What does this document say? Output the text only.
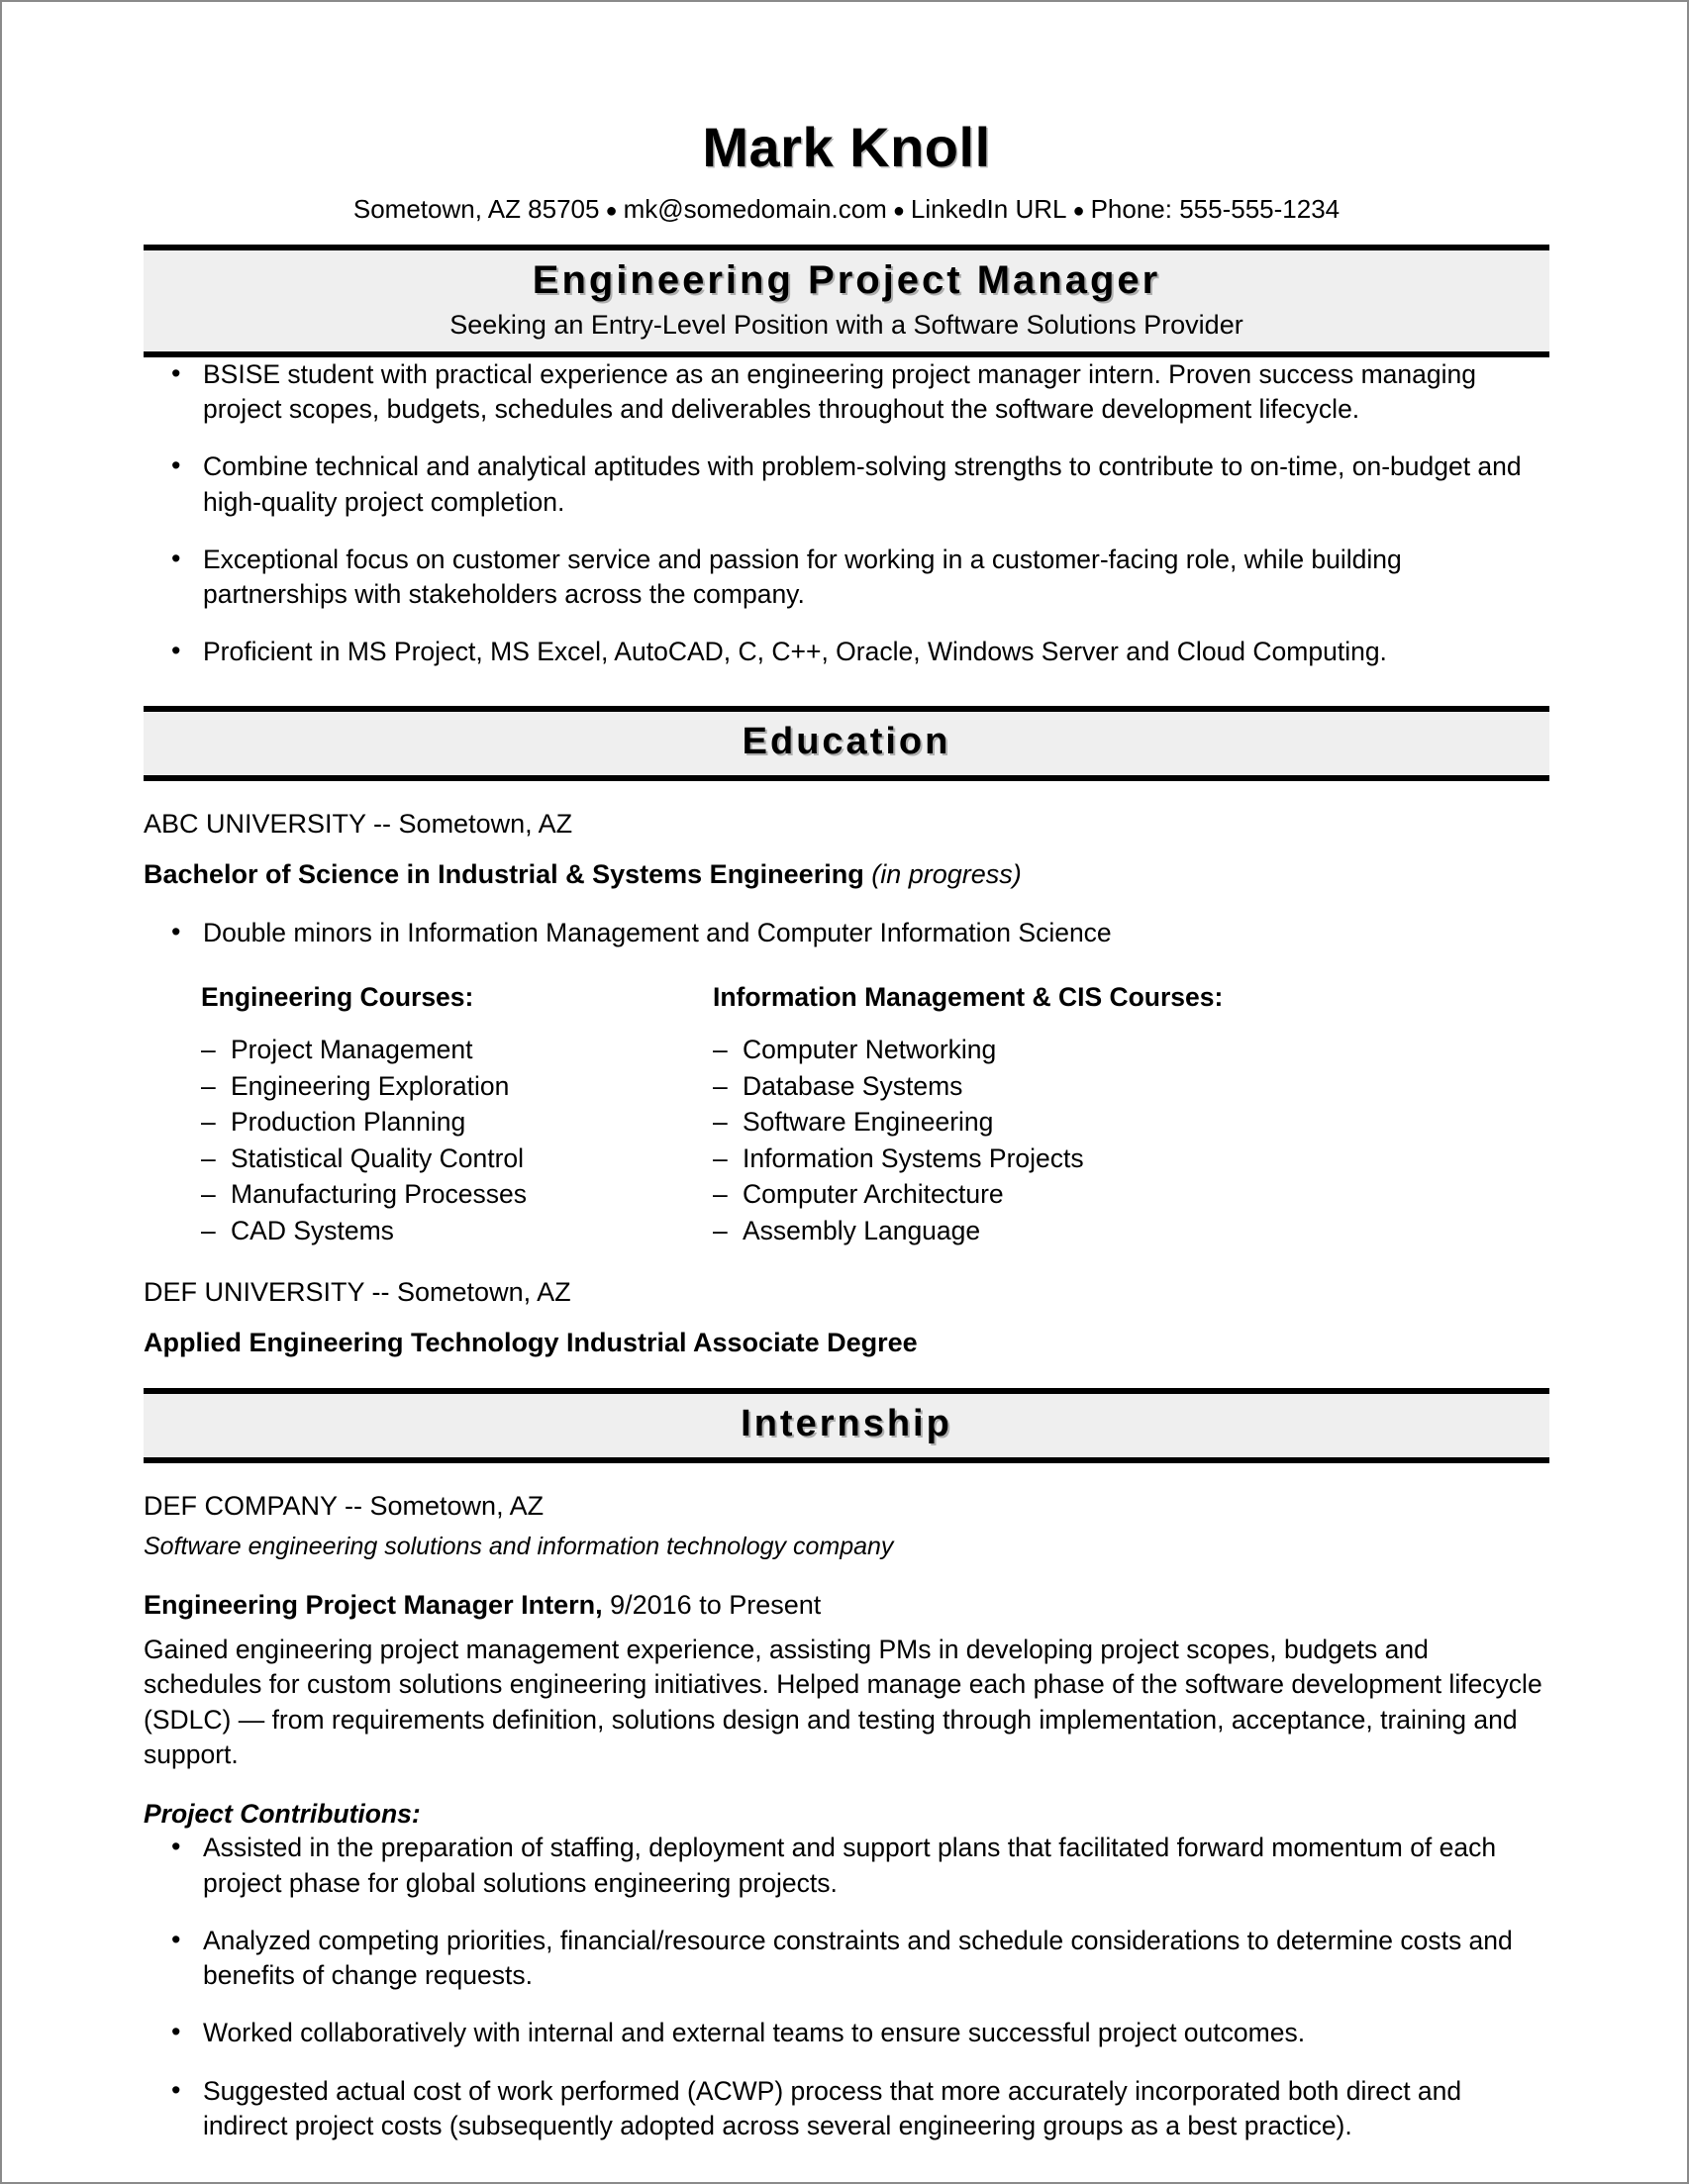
Mark Knoll
Sometown, AZ 85705 ● mk@somedomain.com ● LinkedIn URL ● Phone: 555-555-1234
Engineering Project Manager
Seeking an Entry-Level Position with a Software Solutions Provider
• BSISE student with practical experience as an engineering project manager intern. Proven success managing project scopes, budgets, schedules and deliverables throughout the software development lifecycle.
• Combine technical and analytical aptitudes with problem-solving strengths to contribute to on-time, on-budget and high-quality project completion.
• Exceptional focus on customer service and passion for working in a customer-facing role, while building partnerships with stakeholders across the company.
• Proficient in MS Project, MS Excel, AutoCAD, C, C++, Oracle, Windows Server and Cloud Computing.
Education
ABC UNIVERSITY -- Sometown, AZ
Bachelor of Science in Industrial & Systems Engineering (in progress)
• Double minors in Information Management and Computer Information Science
Engineering Courses:
– Project Management
– Engineering Exploration
– Production Planning
– Statistical Quality Control
– Manufacturing Processes
– CAD Systems
Information Management & CIS Courses:
– Computer Networking
– Database Systems
– Software Engineering
– Information Systems Projects
– Computer Architecture
– Assembly Language
DEF UNIVERSITY -- Sometown, AZ
Applied Engineering Technology Industrial Associate Degree
Internship
DEF COMPANY -- Sometown, AZ
Software engineering solutions and information technology company
Engineering Project Manager Intern, 9/2016 to Present
Gained engineering project management experience, assisting PMs in developing project scopes, budgets and schedules for custom solutions engineering initiatives. Helped manage each phase of the software development lifecycle (SDLC) — from requirements definition, solutions design and testing through implementation, acceptance, training and support.
Project Contributions:
• Assisted in the preparation of staffing, deployment and support plans that facilitated forward momentum of each project phase for global solutions engineering projects.
• Analyzed competing priorities, financial/resource constraints and schedule considerations to determine costs and benefits of change requests.
• Worked collaboratively with internal and external teams to ensure successful project outcomes.
• Suggested actual cost of work performed (ACWP) process that more accurately incorporated both direct and indirect project costs (subsequently adopted across several engineering groups as a best practice).
